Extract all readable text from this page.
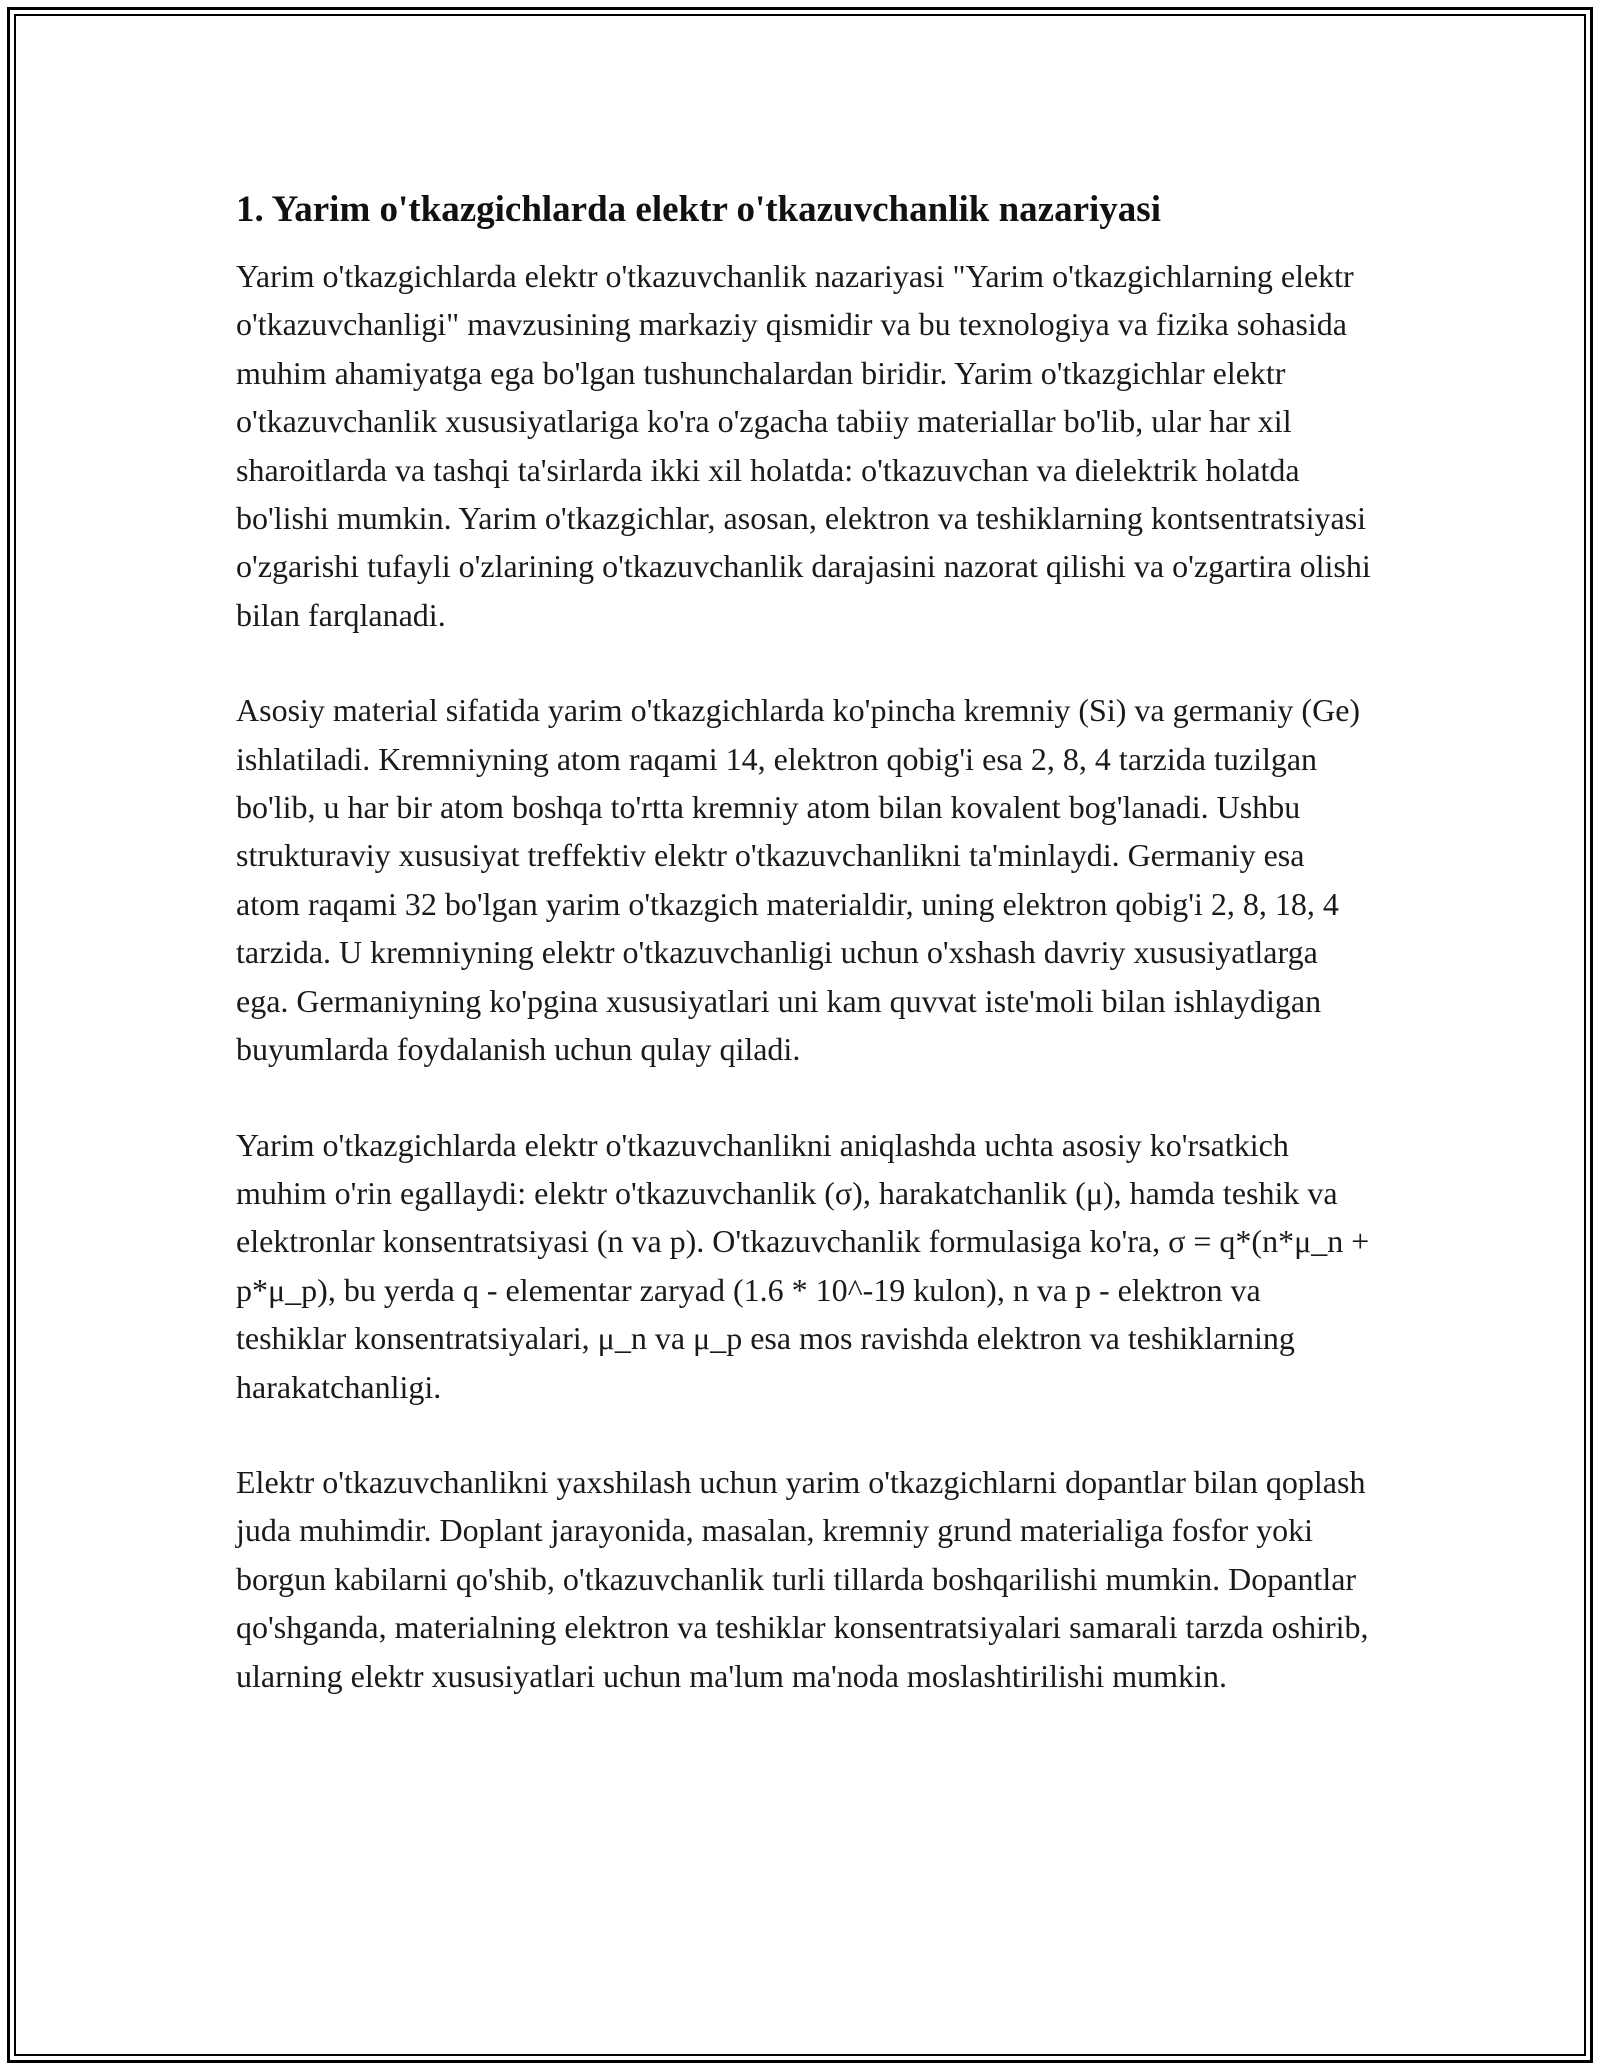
1. Yarim o'tkazgichlarda elektr o'tkazuvchanlik nazariyasi

Yarim o'tkazgichlarda elektr o'tkazuvchanlik nazariyasi "Yarim o'tkazgichlarning elektr o'tkazuvchanligi" mavzusining markaziy qismidir va bu texnologiya va fizika sohasida muhim ahamiyatga ega bo'lgan tushunchalardan biridir. Yarim o'tkazgichlar elektr o'tkazuvchanlik xususiyatlariga ko'ra o'zgacha tabiiy materiallar bo'lib, ular har xil sharoitlarda va tashqi ta'sirlarda ikki xil holatda: o'tkazuvchan va dielektrik holatda bo'lishi mumkin. Yarim o'tkazgichlar, asosan, elektron va teshiklarning kontsentratsiyasi o'zgarishi tufayli o'zlarining o'tkazuvchanlik darajasini nazorat qilishi va o'zgartira olishi bilan farqlanadi.

Asosiy material sifatida yarim o'tkazgichlarda ko'pincha kremniy (Si) va germaniy (Ge) ishlatiladi. Kremniyning atom raqami 14, elektron qobig'i esa 2, 8, 4 tarzida tuzilgan bo'lib, u har bir atom boshqa to'rtta kremniy atom bilan kovalent bog'lanadi. Ushbu strukturaviy xususiyat treffektiv elektr o'tkazuvchanlikni ta'minlaydi. Germaniy esa atom raqami 32 bo'lgan yarim o'tkazgich materialdir, uning elektron qobig'i 2, 8, 18, 4 tarzida. U kremniyning elektr o'tkazuvchanligi uchun o'xshash davriy xususiyatlarga ega. Germaniyning ko'pgina xususiyatlari uni kam quvvat iste'moli bilan ishlaydigan buyumlarda foydalanish uchun qulay qiladi.

Yarim o'tkazgichlarda elektr o'tkazuvchanlikni aniqlashda uchta asosiy ko'rsatkich muhim o'rin egallaydi: elektr o'tkazuvchanlik (σ), harakatchanlik (μ), hamda teshik va elektronlar konsentratsiyasi (n va p). O'tkazuvchanlik formulasiga ko'ra, σ = q*(n*μ_n + p*μ_p), bu yerda q - elementar zaryad (1.6 * 10^-19 kulon), n va p - elektron va teshiklar konsentratsiyalari, μ_n va μ_p esa mos ravishda elektron va teshiklarning harakatchanligi.

Elektr o'tkazuvchanlikni yaxshilash uchun yarim o'tkazgichlarni dopantlar bilan qoplash juda muhimdir. Doplant jarayonida, masalan, kremniy grund materialiga fosfor yoki borgun kabilarni qo'shib, o'tkazuvchanlik turli tillarda boshqarilishi mumkin. Dopantlar qo'shganda, materialning elektron va teshiklar konsentratsiyalari samarali tarzda oshirib, ularning elektr xususiyatlari uchun ma'lum ma'noda moslashtirilishi mumkin.
